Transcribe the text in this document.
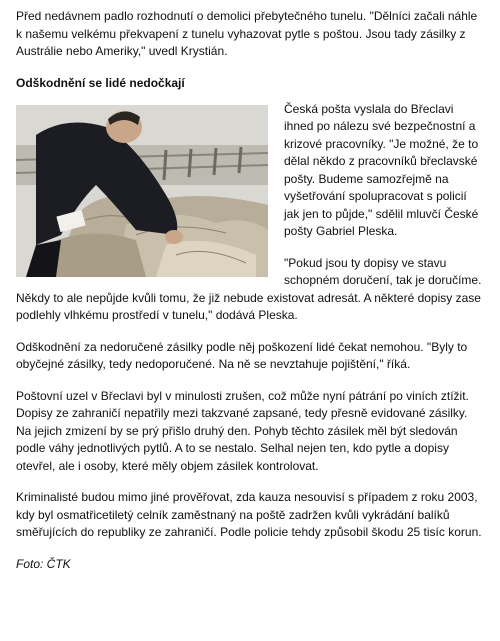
Před nedávnem padlo rozhodnutí o demolici přebytečného tunelu. "Dělníci začali náhle k našemu velkému překvapení z tunelu vyhazovat pytle s poštou. Jsou tady zásilky z Austrálie nebo Ameriky," uvedl Krystián.

Odškodnění se lidé nedočkají

Česká pošta vyslala do Břeclavi ihned po nálezu své bezpečnostní a krizové pracovníky. "Je možné, že to dělal někdo z pracovníků břeclavské pošty. Budeme samozřejmě na vyšetřování spolupracovat s policií jak jen to půjde," sdělil mluvčí České pošty Gabriel Pleska.

"Pokud jsou ty dopisy ve stavu schopném doručení, tak je doručíme. Někdy to ale nepůjde kvůli tomu, že již nebude existovat adresát. A některé dopisy zase podlehly vlhkému prostředí v tunelu," dodává Pleska.

Odškodnění za nedoručené zásilky podle něj poškození lidé čekat nemohou. "Byly to obyčejné zásilky, tedy nedoporučené. Na ně se nevztahuje pojištění," říká.

Poštovní uzel v Břeclavi byl v minulosti zrušen, což může nyní pátrání po viních ztížit. Dopisy ze zahraničí nepatřily mezi takzvané zapsané, tedy přesně evidované zásilky. Na jejich zmizení by se prý přišlo druhý den. Pohyb těchto zásilek měl být sledován podle váhy jednotlivých pytlů. A to se nestalo. Selhal nejen ten, kdo pytle a dopisy otevřel, ale i osoby, které měly objem zásilek kontrolovat.

Kriminalisté budou mimo jiné prověřovat, zda kauza nesouvisí s případem z roku 2003, kdy byl osmatřicetiletý celník zaměstnaný na poště zadržen kvůli vykrádání balíků směřujících do republiky ze zahraničí. Podle policie tehdy způsobil škodu 25 tisíc korun.

Foto: ČTK
